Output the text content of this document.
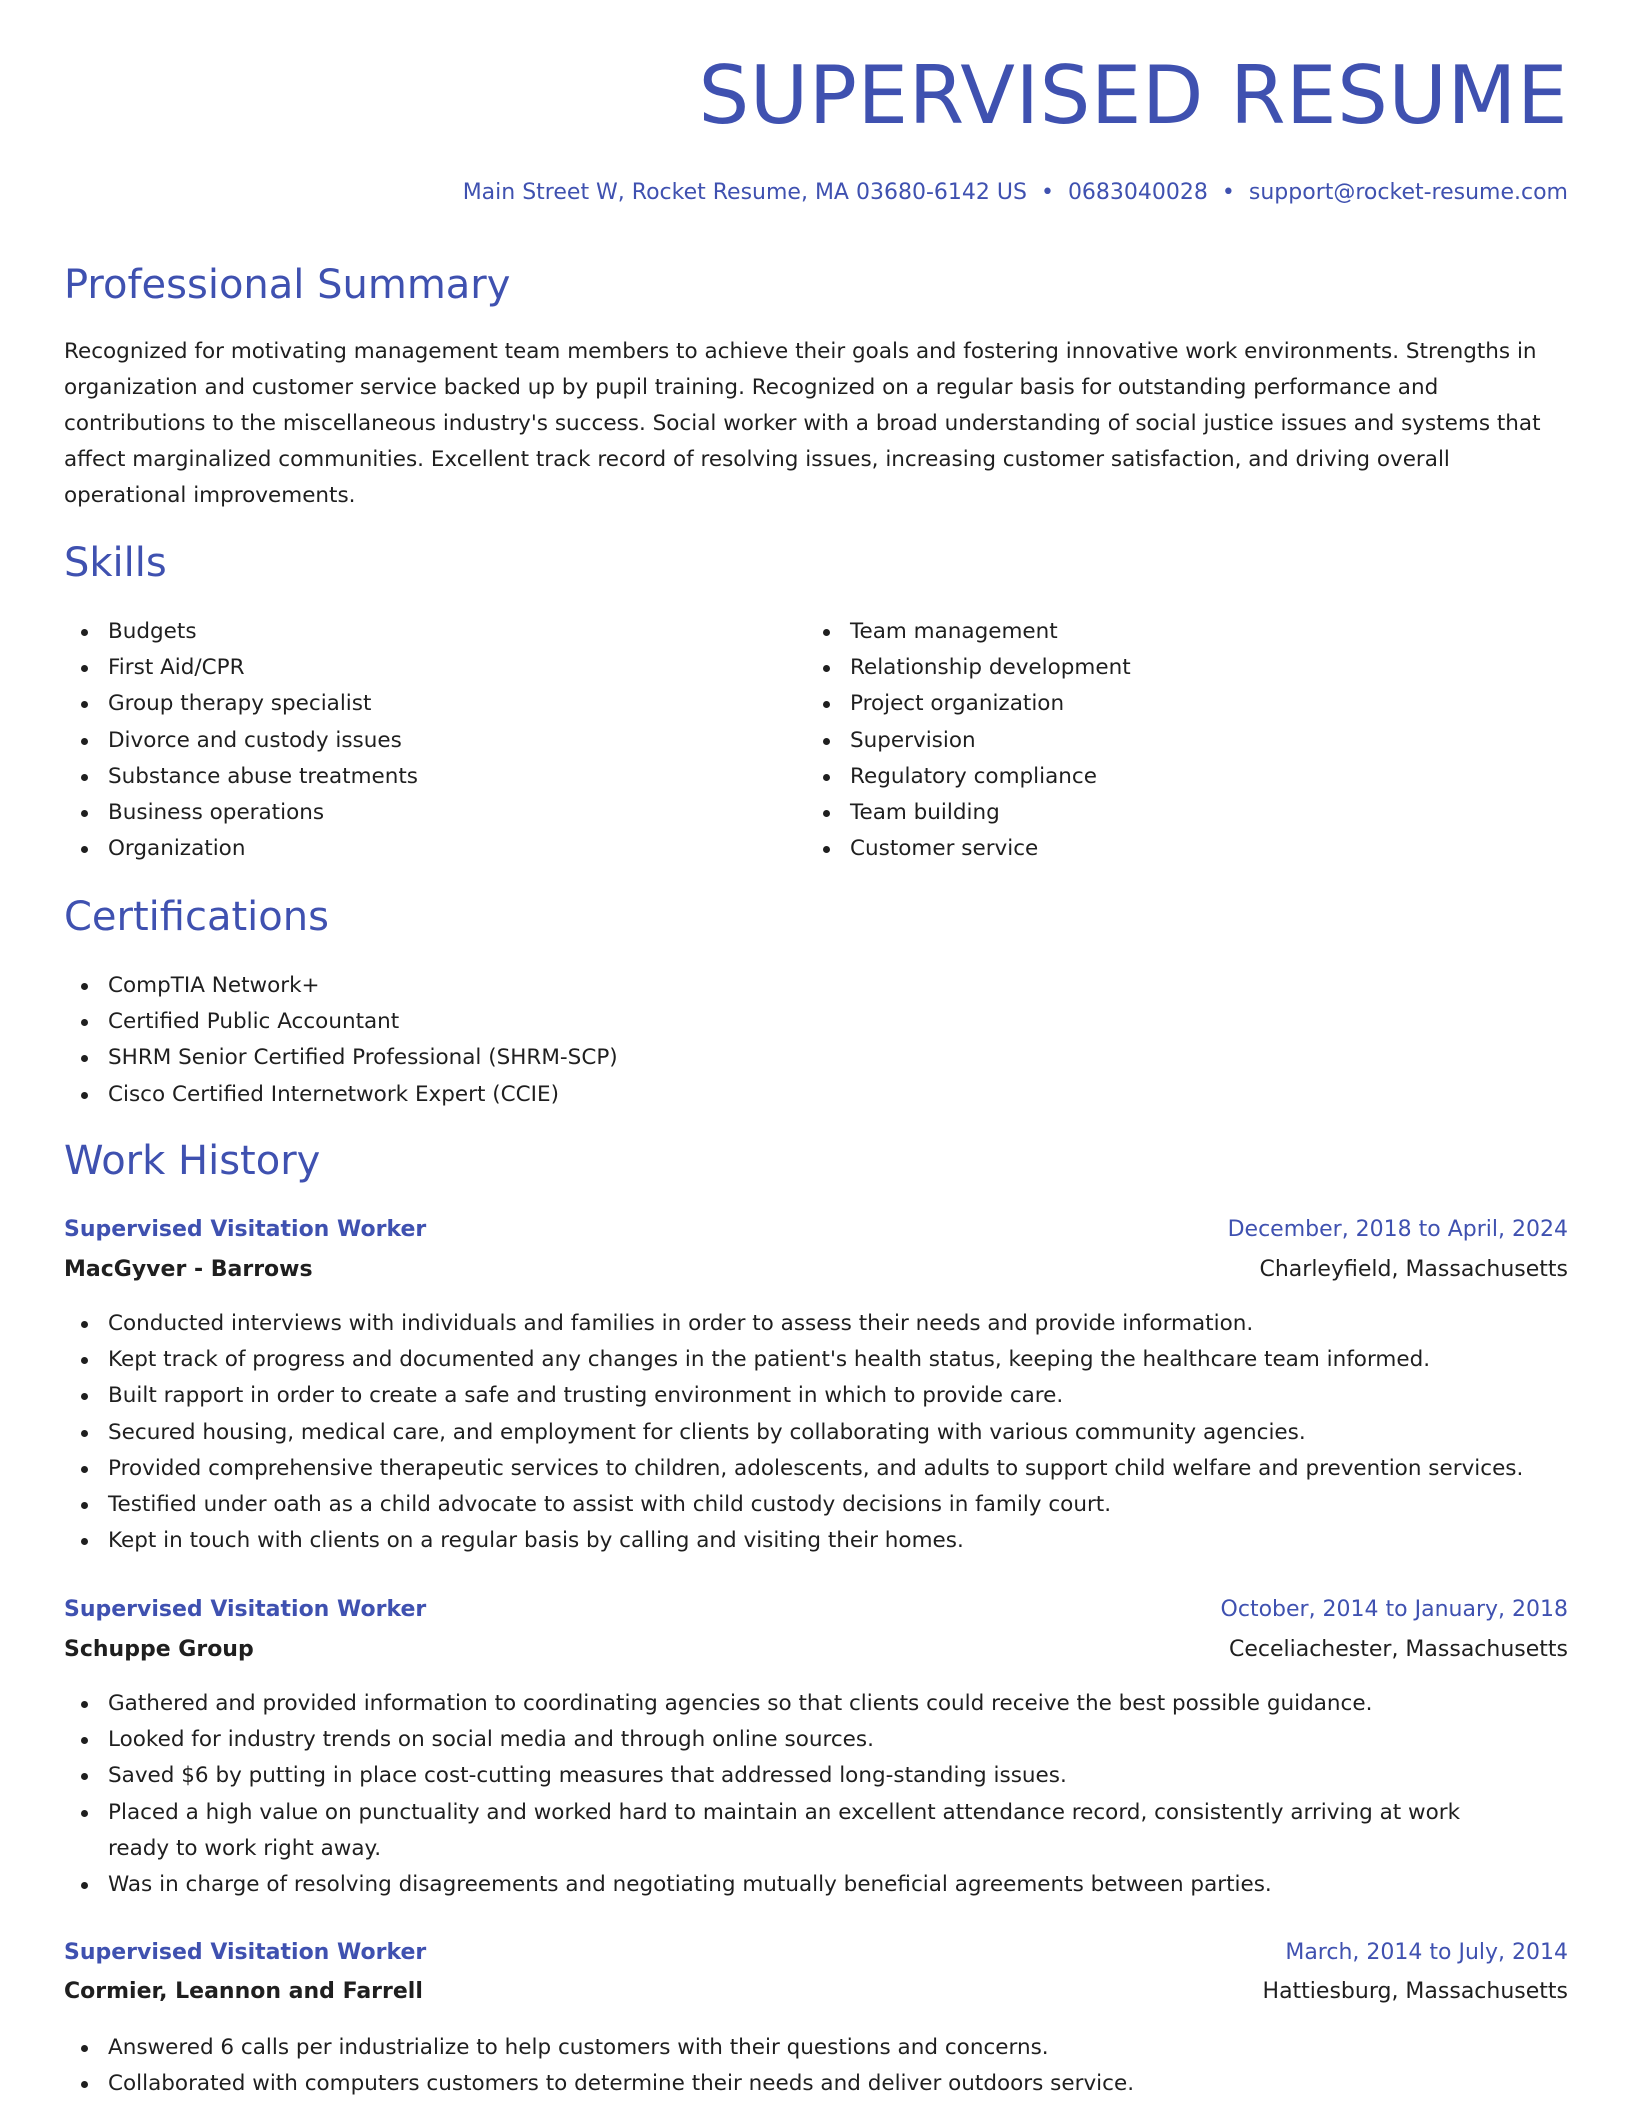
SUPERVISED RESUME
Main Street W, Rocket Resume, MA 03680-6142 US • 0683040028 • support@rocket-resume.com
Professional Summary

Recognized for motivating management team members to achieve their goals and fostering innovative work environments. Strengths in organization and customer service backed up by pupil training. Recognized on a regular basis for outstanding performance and contributions to the miscellaneous industry's success. Social worker with a broad understanding of social justice issues and systems that affect marginalized communities. Excellent track record of resolving issues, increasing customer satisfaction, and driving overall operational improvements.

Skills
Budgets
First Aid/CPR
Group therapy specialist
Divorce and custody issues
Substance abuse treatments
Business operations
Organization
Team management
Relationship development
Project organization
Supervision
Regulatory compliance
Team building
Customer service
Certifications
CompTIA Network+
Certified Public Accountant
SHRM Senior Certified Professional (SHRM-SCP)
Cisco Certified Internetwork Expert (CCIE)
Work History
Supervised Visitation Worker	December, 2018 to April, 2024
MacGyver - Barrows	Charleyfield, Massachusetts
Conducted interviews with individuals and families in order to assess their needs and provide information.
Kept track of progress and documented any changes in the patient's health status, keeping the healthcare team informed.
Built rapport in order to create a safe and trusting environment in which to provide care.
Secured housing, medical care, and employment for clients by collaborating with various community agencies.
Provided comprehensive therapeutic services to children, adolescents, and adults to support child welfare and prevention services.
Testified under oath as a child advocate to assist with child custody decisions in family court.
Kept in touch with clients on a regular basis by calling and visiting their homes.
Supervised Visitation Worker	October, 2014 to January, 2018
Schuppe Group	Ceceliachester, Massachusetts
Gathered and provided information to coordinating agencies so that clients could receive the best possible guidance.
Looked for industry trends on social media and through online sources.
Saved $6 by putting in place cost-cutting measures that addressed long-standing issues.
Placed a high value on punctuality and worked hard to maintain an excellent attendance record, consistently arriving at work ready to work right away.
Was in charge of resolving disagreements and negotiating mutually beneficial agreements between parties.
Supervised Visitation Worker	March, 2014 to July, 2014
Cormier, Leannon and Farrell	Hattiesburg, Massachusetts
Answered 6 calls per industrialize to help customers with their questions and concerns.
Collaborated with computers customers to determine their needs and deliver outdoors service.
